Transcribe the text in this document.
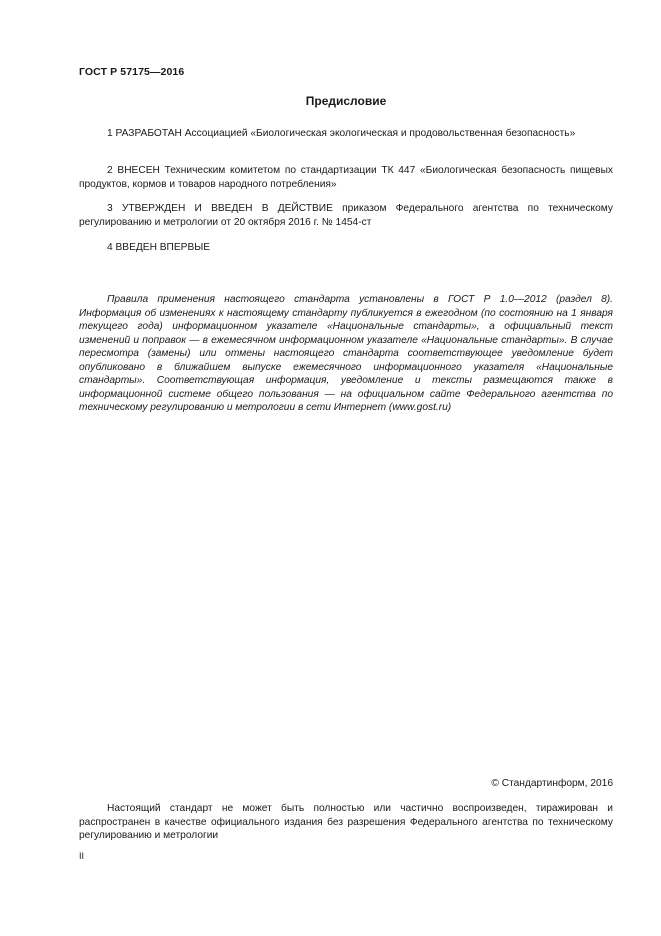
ГОСТ Р 57175—2016
Предисловие

1 РАЗРАБОТАН Ассоциацией «Биологическая экологическая и продовольственная безопасность»

2 ВНЕСЕН Техническим комитетом по стандартизации ТК 447 «Биологическая безопасность пищевых продуктов, кормов и товаров народного потребления»

3 УТВЕРЖДЕН И ВВЕДЕН В ДЕЙСТВИЕ приказом Федерального агентства по техническому регулированию и метрологии от 20 октября 2016 г. № 1454-ст

4 ВВЕДЕН ВПЕРВЫЕ

Правила применения настоящего стандарта установлены в ГОСТ Р 1.0—2012 (раздел 8). Информация об изменениях к настоящему стандарту публикуется в ежегодном (по состоянию на 1 января текущего года) информационном указателе «Национальные стандарты», а официальный текст изменений и поправок — в ежемесячном информационном указателе «Национальные стандарты». В случае пересмотра (замены) или отмены настоящего стандарта соответствующее уведомление будет опубликовано в ближайшем выпуске ежемесячного информационного указателя «Национальные стандарты». Соответствующая информация, уведомление и тексты размещаются также в информационной системе общего пользования — на официальном сайте Федерального агентства по техническому регулированию и метрологии в сети Интернет (www.gost.ru)

© Стандартинформ, 2016

Настоящий стандарт не может быть полностью или частично воспроизведен, тиражирован и распространен в качестве официального издания без разрешения Федерального агентства по техническому регулированию и метрологии

II
